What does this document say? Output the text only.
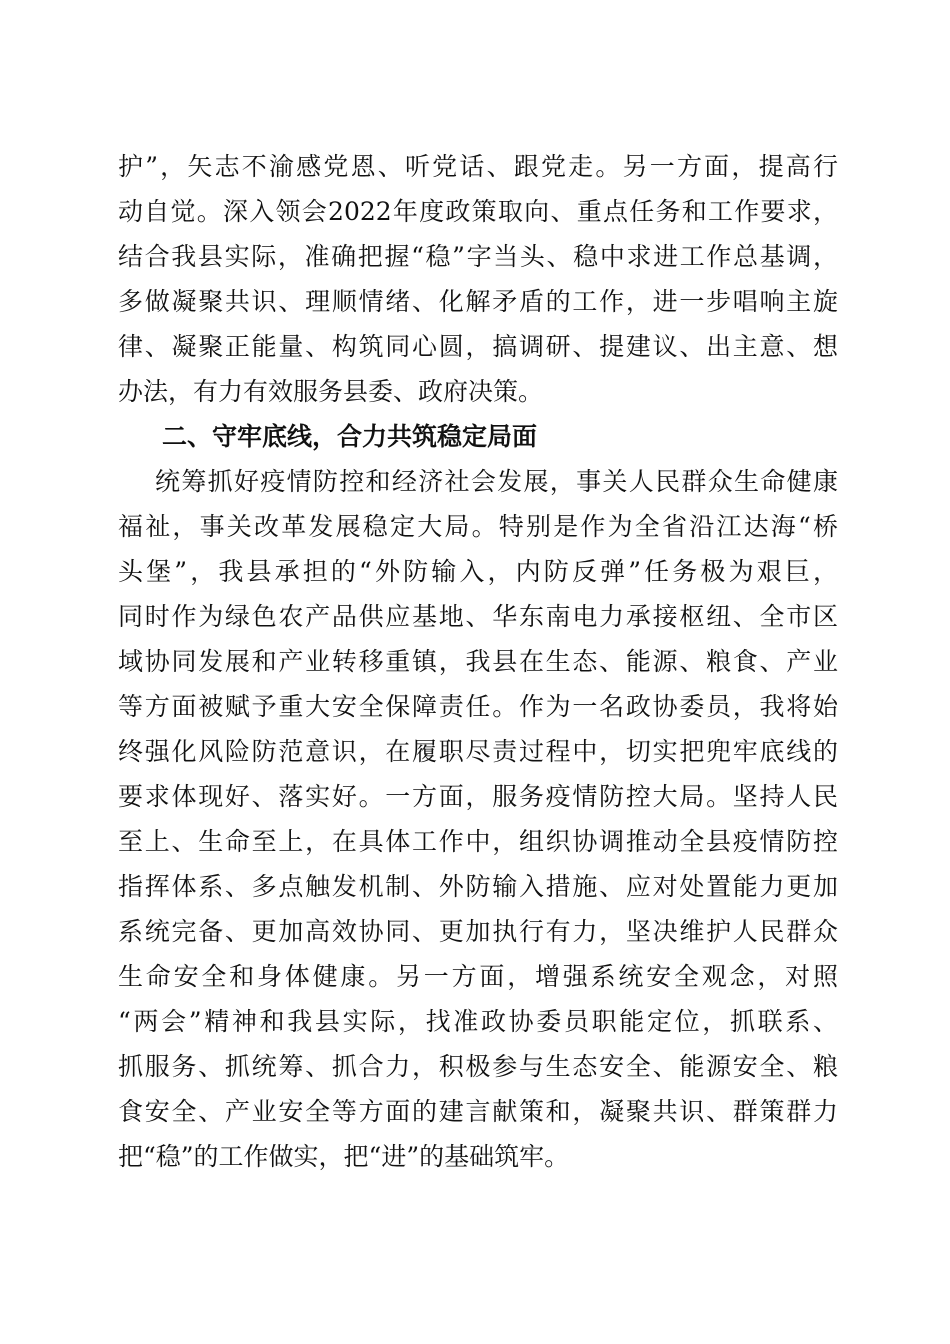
护”，矢志不渝感党恩、听党话、跟党走。另一方面，提高行
动自觉。深入领会2022年度政策取向、重点任务和工作要求，
结合我县实际，准确把握“稳”字当头、稳中求进工作总基调，
多做凝聚共识、理顺情绪、化解矛盾的工作，进一步唱响主旋
律、凝聚正能量、构筑同心圆，搞调研、提建议、出主意、想
办法，有力有效服务县委、政府决策。
二、守牢底线，合力共筑稳定局面
统筹抓好疫情防控和经济社会发展，事关人民群众生命健康
福祉，事关改革发展稳定大局。特别是作为全省沿江达海“桥
头堡”，我县承担的“外防输入，内防反弹”任务极为艰巨，
同时作为绿色农产品供应基地、华东南电力承接枢纽、全市区
域协同发展和产业转移重镇，我县在生态、能源、粮食、产业
等方面被赋予重大安全保障责任。作为一名政协委员，我将始
终强化风险防范意识，在履职尽责过程中，切实把兜牢底线的
要求体现好、落实好。一方面，服务疫情防控大局。坚持人民
至上、生命至上，在具体工作中，组织协调推动全县疫情防控
指挥体系、多点触发机制、外防输入措施、应对处置能力更加
系统完备、更加高效协同、更加执行有力，坚决维护人民群众
生命安全和身体健康。另一方面，增强系统安全观念，对照
“两会”精神和我县实际，找准政协委员职能定位，抓联系、
抓服务、抓统筹、抓合力，积极参与生态安全、能源安全、粮
食安全、产业安全等方面的建言献策和，凝聚共识、群策群力
把“稳”的工作做实，把“进”的基础筑牢。
